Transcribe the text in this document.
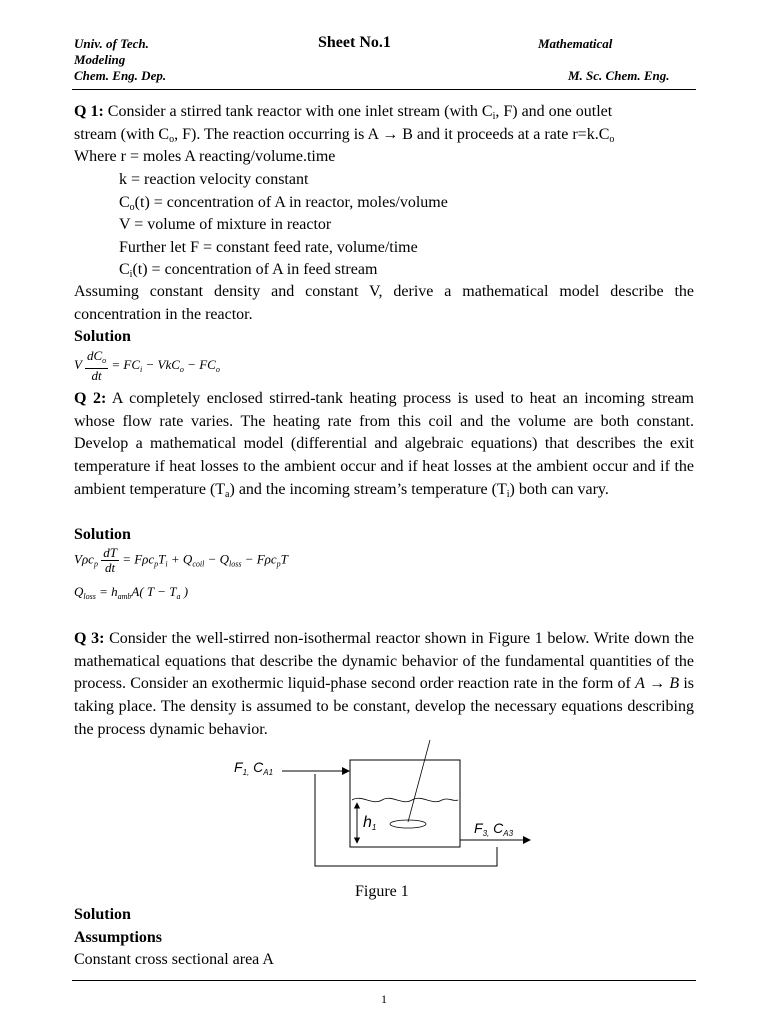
Univ. of Tech.	Sheet No.1	Mathematical
Modeling
Chem. Eng. Dep.	M. Sc. Chem. Eng.
Q 1: Consider a stirred tank reactor with one inlet stream (with $C_i$, F) and one outlet
stream (with $C_o$, F). The reaction occurring is A → B and it proceeds at a rate $r=k.C_o$
Where r = moles A reacting/volume.time
k = reaction velocity constant
$C_o(t)$ = concentration of A in reactor, moles/volume
V = volume of mixture in reactor
Further let F = constant feed rate, volume/time
$C_i(t)$ = concentration of A in feed stream
Assuming constant density and constant V, derive a mathematical model describe the concentration in the reactor.
Solution
V $\frac{dC_o}{dt} = FC_i - VkC_o - FC_o$
Q 2: A completely enclosed stirred-tank heating process is used to heat an incoming stream whose flow rate varies. The heating rate from this coil and the volume are both constant. Develop a mathematical model (differential and algebraic equations) that describes the exit temperature if heat losses to the ambient occur and if heat losses at the ambient occur and if the ambient temperature $(T_a)$ and the incoming stream’s temperature $(T_i)$ both can vary.
Solution
$V\rho c_p \frac{dT}{dt} = F\rho c_pT_i + Q_{coil} - Q_{loss} - F\rho c_pT$
$Q_{loss} = h_{amb}A$( $T - T_a$ )
Q 3: Consider the well-stirred non-isothermal reactor shown in Figure 1 below. Write down the mathematical equations that describe the dynamic behavior of the fundamental quantities of the process. Consider an exothermic liquid-phase second order reaction rate in the form of A → B is taking place. The density is assumed to be constant, develop the necessary equations describing the process dynamic behavior.
$F_{1,}$ $C_{A1}$
h1	$F_{3,}$ $C_{A3}$
Figure 1
Solution
Assumptions
Constant cross sectional area A
1
